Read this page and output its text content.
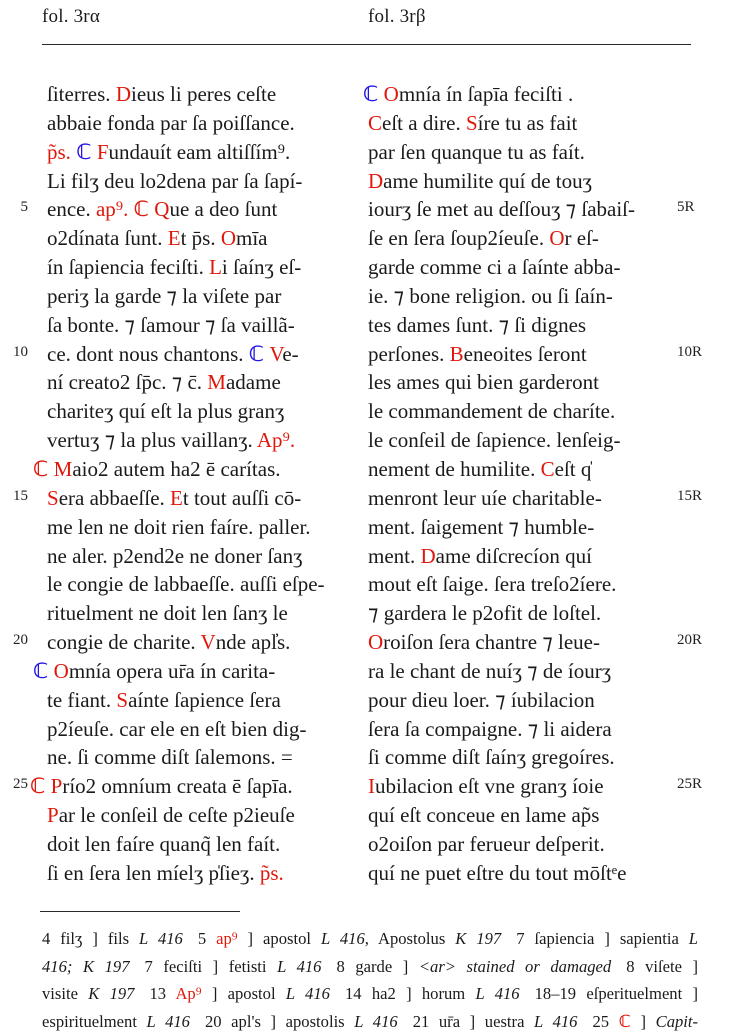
fol. 3rα	fol. 3rβ
5
10
15
20
25
ſiterres. Dieus li peres ceſte
abbaie fonda par ſa poiſſance.
p̃s. ℂ Fundauít eam altiſſím⁹.
Li filʒ deu lo2dena par ſa ſapí-
ence. ap⁹. ℂ Que a deo ſunt
o2dínata ſunt. Et p̄s. Omīa
ín ſapiencia feciſti. Li ſaínʒ eſ-
periʒ la garde ⁊ la viſete par
ſa bonte. ⁊ ſamour ⁊ ſa vaillã-
ce. dont nous chantons. ℂ Ve-
ní creato2 ſp̄c. ⁊ c̄. Madame
chariteʒ quí eſt la plus granʒ
vertuʒ ⁊ la plus vaillanʒ. Ap⁹.
ℂ Maio2 autem ha2 ē carítas.
Sera abbaeſſe. Et tout auſſi cō-
me len ne doit rien faíre. paller.
ne aler. p2end2e ne doner ſanʒ
le congie de labbaeſſe. auſſi eſpe-
rituelment ne doit len ſanʒ le
congie de charite. Vnde apl̓s.
ℂ Omnía opera ur̄a ín carita-
te fiant. Saínte ſapience ſera
p2íeuſe. car ele en eſt bien dig-
ne. ſi comme diſt ſalemons. =
ℂ Prío2 omníum creata ē ſapīa.
Par le conſeil de ceſte p2ieuſe
doit len faíre quanq̃ len faít.
ſi en ſera len míelʒ p̍ſieʒ. p̃s.
ℂ Omnía ín ſapīa feciſti .
Ceſt a dire. Síre tu as fait
par ſen quanque tu as faít.
Dame humilite quí de touʒ
iourʒ ſe met au deſſouʒ ⁊ ſabaiſ-
ſe en ſera ſoup2íeuſe. Or eſ-
garde comme ci a ſaínte abba-
ie. ⁊ bone religion. ou ſi ſaín-
tes dames ſunt. ⁊ ſi dignes
perſones. Beneoites ſeront
les ames qui bien garderont
le commandement de charíte.
le conſeil de ſapience. lenſeig-
nement de humilite. Ceſt q̍
menront leur uíe charitable-
ment. ſaigement ⁊ humble-
ment. Dame diſcrecíon quí
mout eſt ſaige. ſera treſo2íere.
⁊ gardera le p2ofit de loſtel.
Oroiſon ſera chantre ⁊ leue-
ra le chant de nuíʒ ⁊ de íourʒ
pour dieu loer. ⁊ íubilacion
ſera ſa compaigne. ⁊ li aidera
ſi comme diſt ſaínʒ gregoíres.
Iubilacion eſt vne granʒ íoie
quí eſt conceue en lame ap̃s
o2oiſon par ferueur deſperit.
quí ne puet eſtre du tout mōſtᵉe
5R
10R
15R
20R
25R
4 filʒ ] fils L 416 5 ap⁹ ] apostol L 416, Apostolus K 197 7 ſapiencia ] sapientia L
416; K 197 7 feciſti ] fetisti L 416 8 garde ] <ar> stained or damaged 8 viſete ]
visite K 197 13 Ap⁹ ] apostol L 416 14 ha2 ] horum L 416 18–19 eſperituelment ]
espirituelment L 416 20 apl's ] apostolis L 416 21 ur̄a ] uestra L 416 25 ℂ ] Capit-
